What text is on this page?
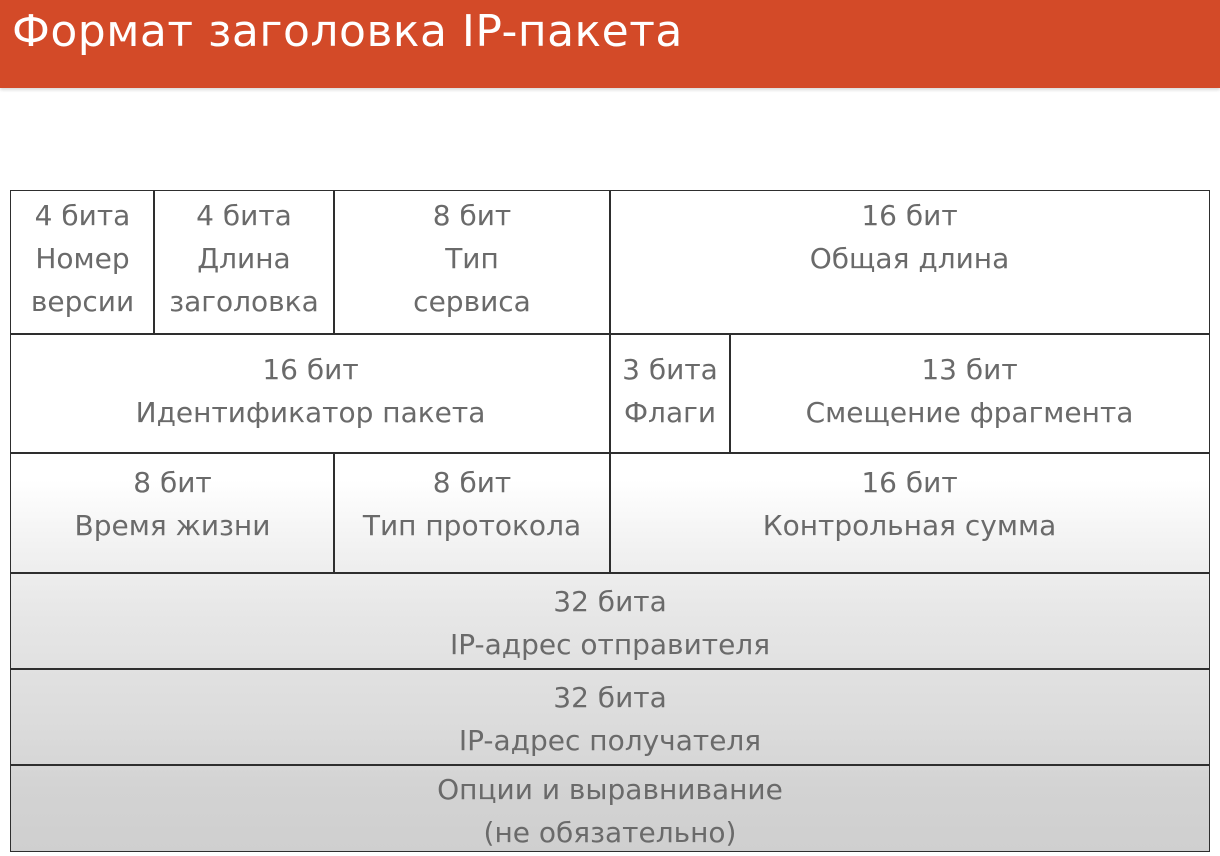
Формат заголовка IP-пакета
4 бита
Номер
версии
4 бита
Длина
заголовка
8 бит
Тип
сервиса
16 бит
Общая длина
16 бит
Идентификатор пакета
3 бита
Флаги
13 бит
Смещение фрагмента
8 бит
Время жизни
8 бит
Тип протокола
16 бит
Контрольная сумма
32 бита
IP-адрес отправителя
32 бита
IP-адрес получателя
Опции и выравнивание
(не обязательно)
